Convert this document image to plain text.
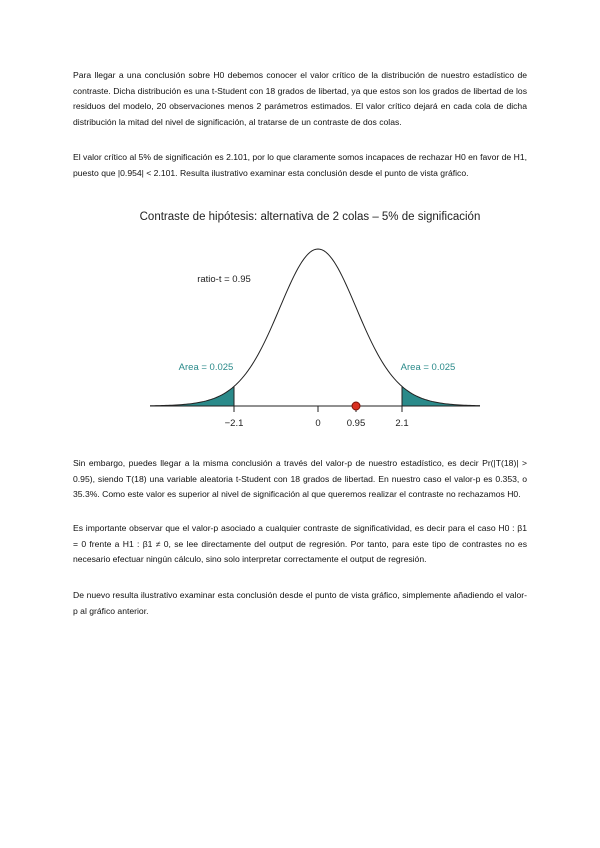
Para llegar a una conclusión sobre H0 debemos conocer el valor crítico de la distribución de nuestro estadístico de contraste. Dicha distribución es una t-Student con 18 grados de libertad, ya que estos son los grados de libertad de los residuos del modelo, 20 observaciones menos 2 parámetros estimados. El valor crítico dejará en cada cola de dicha distribución la mitad del nivel de significación, al tratarse de un contraste de dos colas.

El valor crítico al 5% de significación es 2.101, por lo que claramente somos incapaces de rechazar H0 en favor de H1, puesto que |0.954| < 2.101. Resulta ilustrativo examinar esta conclusión desde el punto de vista gráfico.

Contraste de hipótesis: alternativa de 2 colas – 5% de significación
−2.1	0	0.95	2.1
ratio-t = 0.95
Area = 0.025	Area = 0.025

Sin embargo, puedes llegar a la misma conclusión a través del valor-p de nuestro estadístico, es decir Pr(|T(18)| > 0.95), siendo T(18) una variable aleatoria t-Student con 18 grados de libertad. En nuestro caso el valor-p es 0.353, o 35.3%. Como este valor es superior al nivel de significación al que queremos realizar el contraste no rechazamos H0.

Es importante observar que el valor-p asociado a cualquier contraste de significatividad, es decir para el caso H0 : β1 = 0 frente a H1 : β1 ≠ 0, se lee directamente del output de regresión. Por tanto, para este tipo de contrastes no es necesario efectuar ningún cálculo, sino solo interpretar correctamente el output de regresión.

De nuevo resulta ilustrativo examinar esta conclusión desde el punto de vista gráfico, simplemente añadiendo el valor-p al gráfico anterior.
